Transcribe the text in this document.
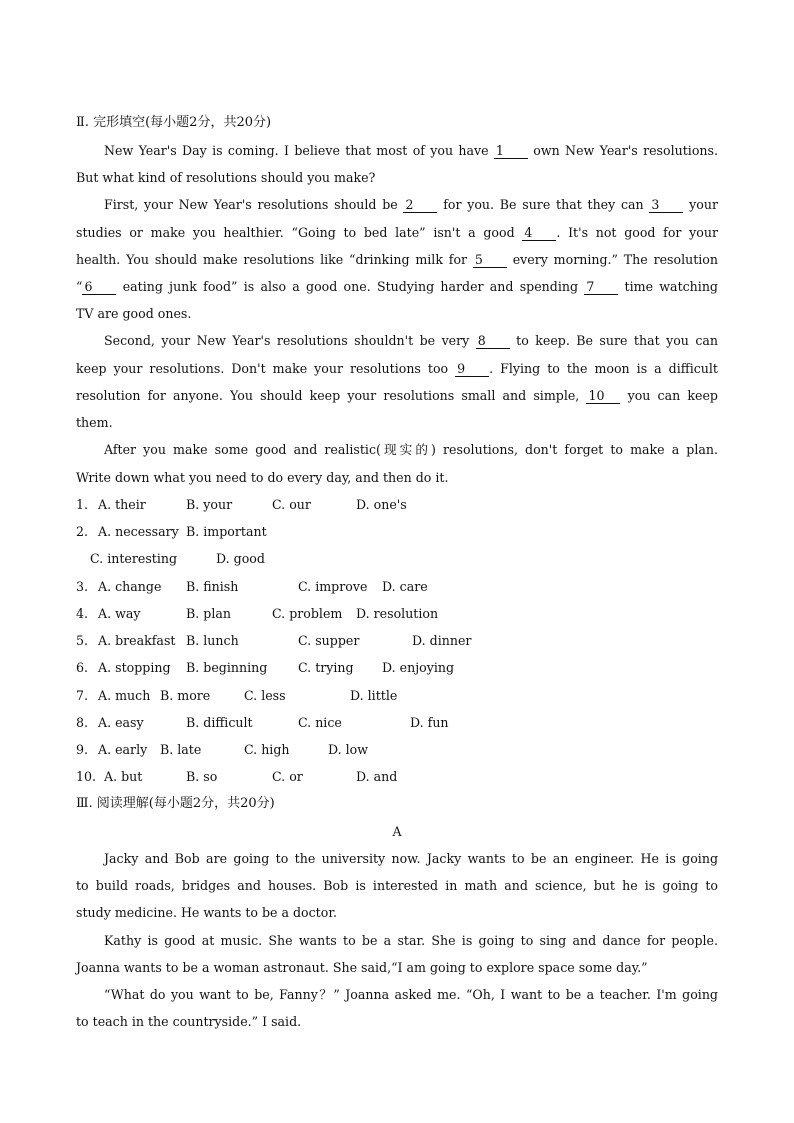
Ⅱ. 完形填空(每小题2分，共20分)
New Year's Day is coming. I believe that most of you have 1 own New Year's resolutions.
But what kind of resolutions should you make?
First, your New Year's resolutions should be 2 for you. Be sure that they can 3 your
studies or make you healthier. “Going to bed late” isn't a good 4 . It's not good for your
health. You should make resolutions like “drinking milk for 5 every morning.” The resolution
“ 6 eating junk food” is also a good one. Studying harder and spending 7 time watching
TV are good ones.
Second, your New Year's resolutions shouldn't be very 8 to keep. Be sure that you can
keep your resolutions. Don't make your resolutions too 9 . Flying to the moon is a difficult
resolution for anyone. You should keep your resolutions small and simple, 10 you can keep
them.
After you make some good and realistic(现实的) resolutions, don't forget to make a plan.
Write down what you need to do every day, and then do it.
1. A. their	B. your	C. our	D. one's
2. A. necessary B. important
C. interesting	D. good
3. A. change B. finish	C. improve D. care
4. A. way	B. plan	C. problem D. resolution
5. A. breakfast B. lunch	C. supper	D. dinner
6. A. stopping B. beginning C. trying D. enjoying
7. A. much B. more	C. less	D. little
8. A. easy	B. difficult	C. nice	D. fun
9. A. early B. late	C. high	D. low
10. A. but	B. so	C. or	D. and
Ⅲ. 阅读理解(每小题2分，共20分)
A
Jacky and Bob are going to the university now. Jacky wants to be an engineer. He is going
to build roads, bridges and houses. Bob is interested in math and science, but he is going to
study medicine. He wants to be a doctor.
Kathy is good at music. She wants to be a star. She is going to sing and dance for people.
Joanna wants to be a woman astronaut. She said,“I am going to explore space some day.”
“What do you want to be, Fanny？” Joanna asked me. “Oh, I want to be a teacher. I'm going
to teach in the countryside.” I said.
